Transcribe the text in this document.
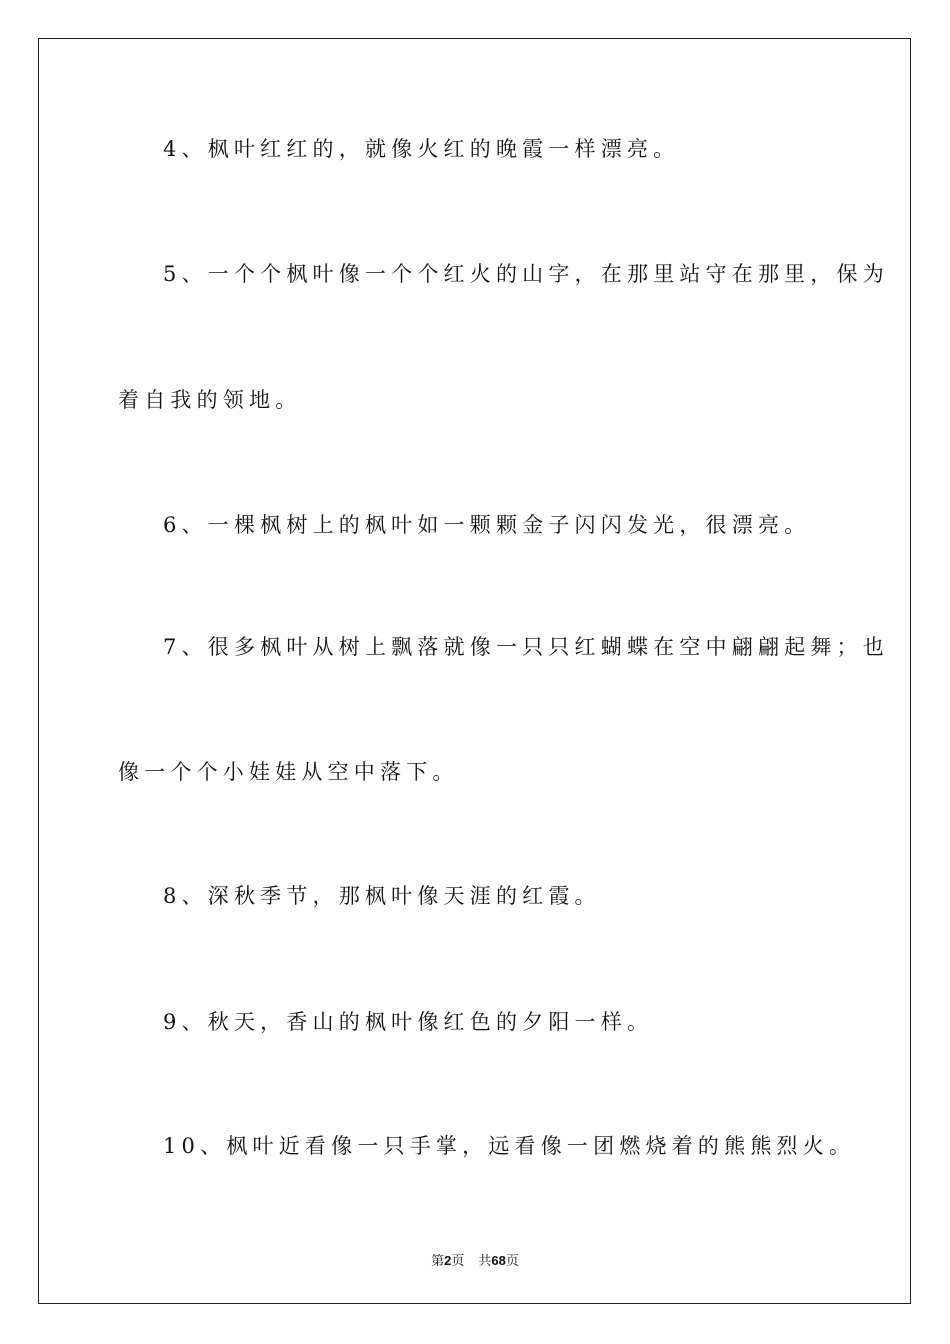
4、枫叶红红的，就像火红的晚霞一样漂亮。
5、一个个枫叶像一个个红火的山字，在那里站守在那里，保为
着自我的领地。
6、一棵枫树上的枫叶如一颗颗金子闪闪发光，很漂亮。
7、很多枫叶从树上飘落就像一只只红蝴蝶在空中翩翩起舞；也
像一个个小娃娃从空中落下。
8、深秋季节，那枫叶像天涯的红霞。
9、秋天，香山的枫叶像红色的夕阳一样。
10、枫叶近看像一只手掌，远看像一团燃烧着的熊熊烈火。
第2页 共68页
